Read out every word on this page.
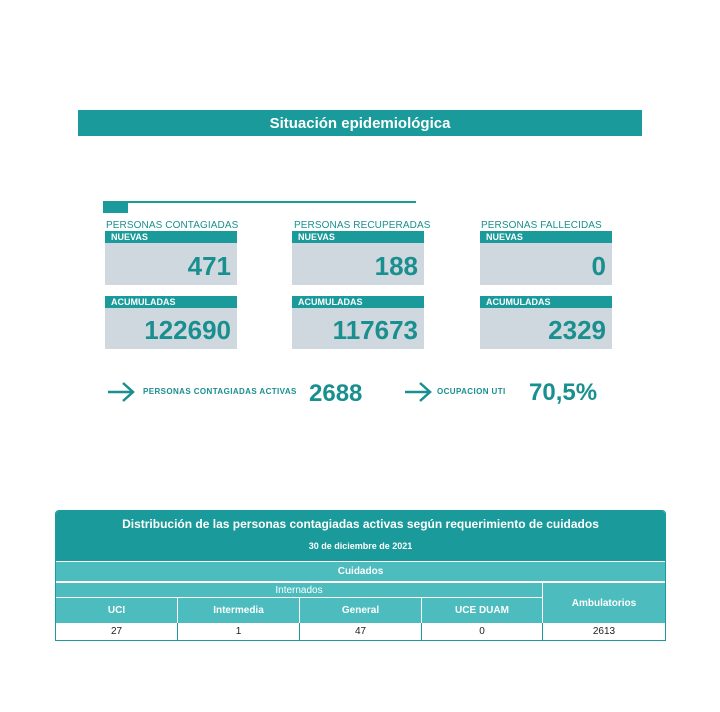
Situación epidemiológica
PERSONAS CONTAGIADAS
NUEVAS
471
ACUMULADAS
122690
PERSONAS RECUPERADAS
NUEVAS
188
ACUMULADAS
117673
PERSONAS FALLECIDAS
NUEVAS
0
ACUMULADAS
2329
PERSONAS CONTAGIADAS ACTIVAS 2688	OCUPACION UTI 70,5%
Distribución de las personas contagiadas activas según requerimiento de cuidados
30 de diciembre de 2021
Cuidados
Internados
Ambulatorios
UCI	Intermedia	General	UCE DUAM
27	1	47	0	2613
